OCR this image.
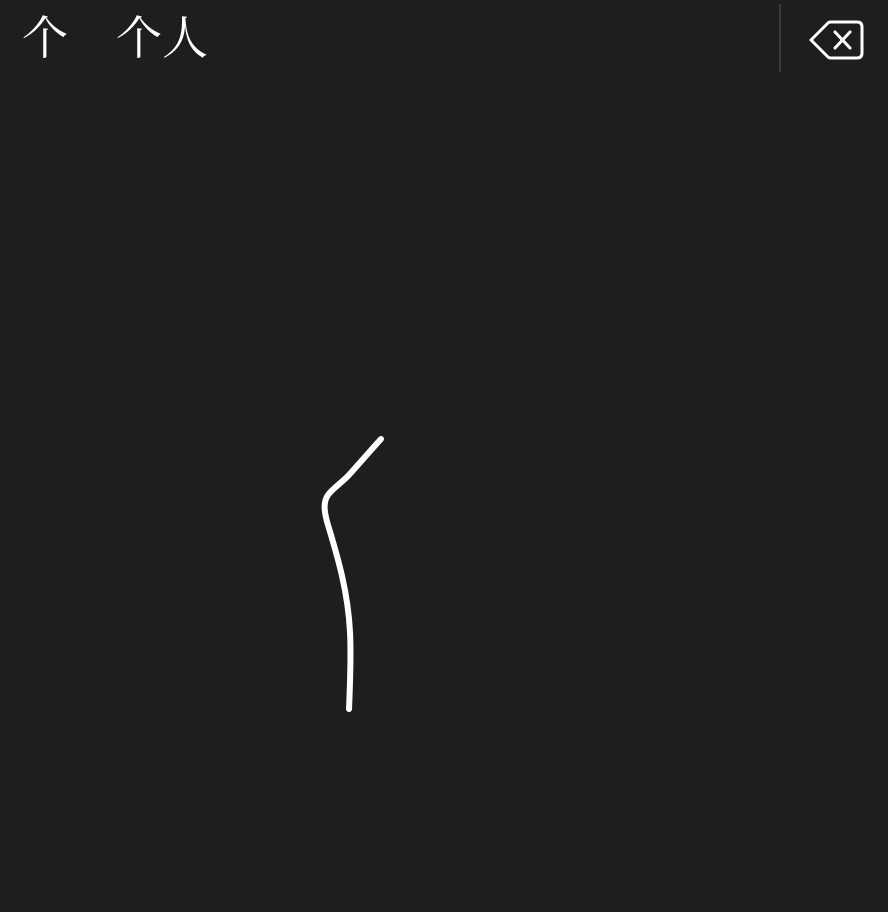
个 个人
